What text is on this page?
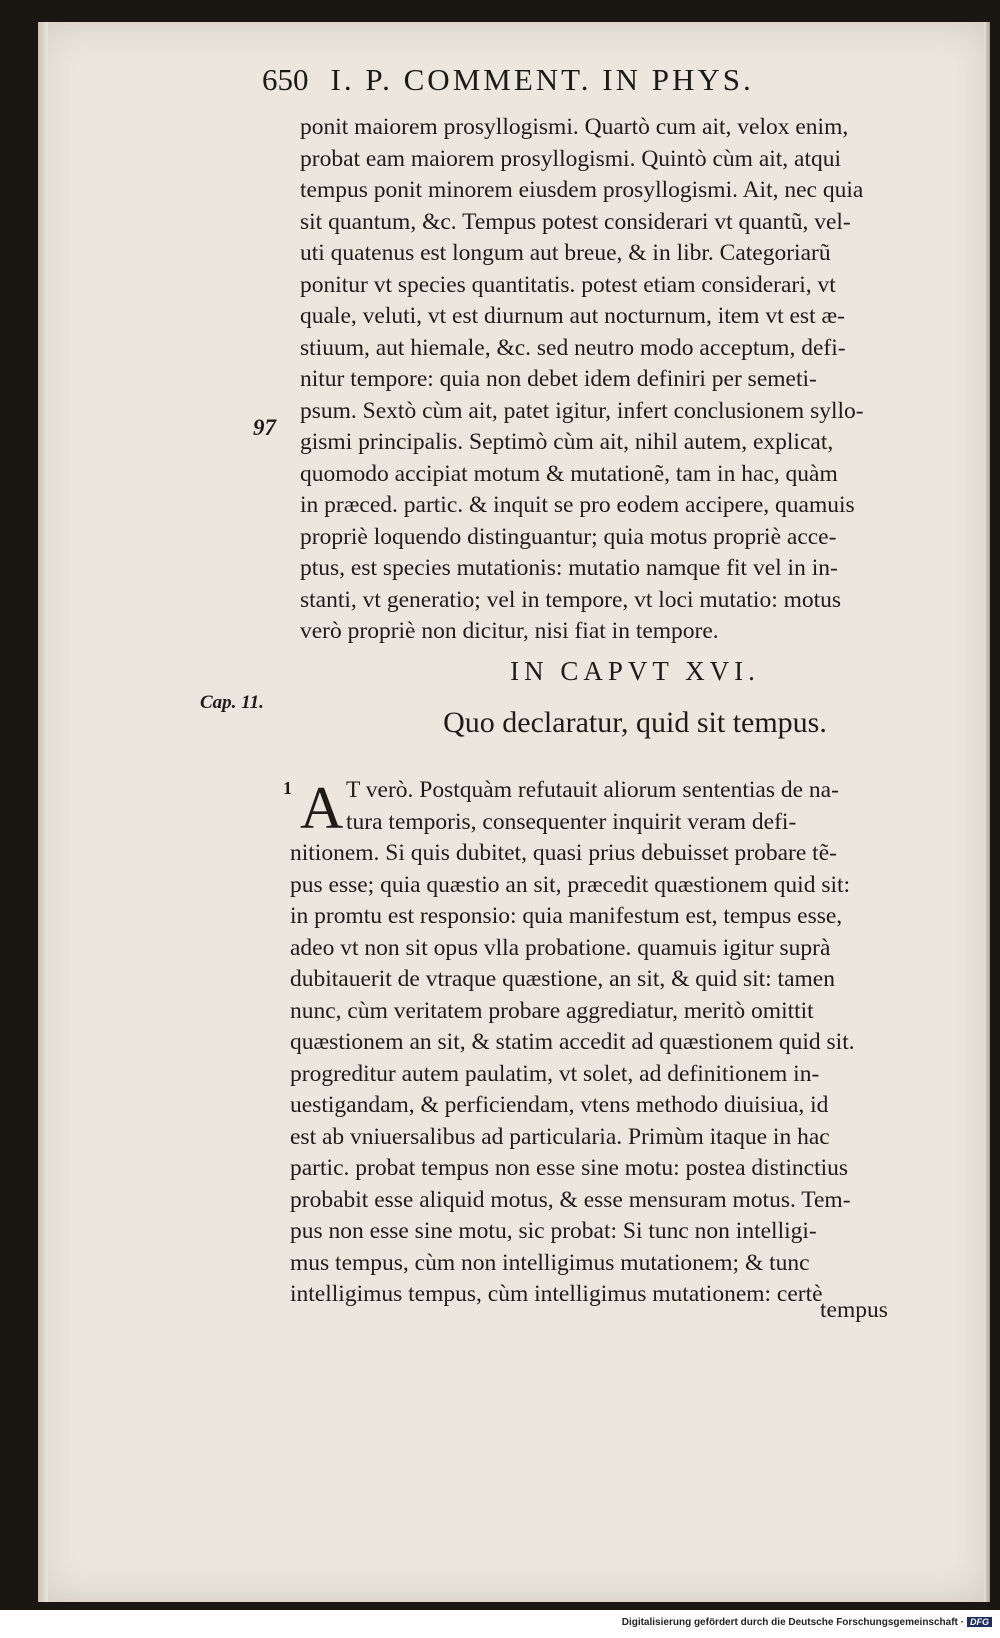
650 I. P. COMMENT. IN PHYS.
ponit maiorem prosyllogismi. Quartò cum ait, velox enim,
probat eam maiorem prosyllogismi. Quintò cùm ait, atqui
tempus ponit minorem eiusdem prosyllogismi. Ait, nec quia
sit quantum, &c. Tempus potest considerari vt quantũ, vel-
uti quatenus est longum aut breue, & in libr. Categoriarũ
ponitur vt species quantitatis. potest etiam considerari, vt
quale, veluti, vt est diurnum aut nocturnum, item vt est æ-
stiuum, aut hiemale, &c. sed neutro modo acceptum, defi-
nitur tempore: quia non debet idem definiri per semeti-
psum. Sextò cùm ait, patet igitur, infert conclusionem syllo-
gismi principalis. Septimò cùm ait, nihil autem, explicat,
quomodo accipiat motum & mutationẽ, tam in hac, quàm
in præced. partic. & inquit se pro eodem accipere, quamuis
propriè loquendo distinguantur; quia motus propriè acce-
ptus, est species mutationis: mutatio namque fit vel in in-
stanti, vt generatio; vel in tempore, vt loci mutatio: motus
verò propriè non dicitur, nisi fiat in tempore.
97
IN CAPVT XVI.
Cap. 11.
Quo declaratur, quid sit tempus.
1 A T verò. Postquàm refutauit aliorum sententias de na-
tura temporis, consequenter inquirit veram defi-
nitionem. Si quis dubitet, quasi prius debuisset probare tẽ-
pus esse; quia quæstio an sit, præcedit quæstionem quid sit:
in promtu est responsio: quia manifestum est, tempus esse,
adeo vt non sit opus vlla probatione. quamuis igitur suprà
dubitauerit de vtraque quæstione, an sit, & quid sit: tamen
nunc, cùm veritatem probare aggrediatur, meritò omittit
quæstionem an sit, & statim accedit ad quæstionem quid sit.
progreditur autem paulatim, vt solet, ad definitionem in-
uestigandam, & perficiendam, vtens methodo diuisiua, id
est ab vniuersalibus ad particularia. Primùm itaque in hac
partic. probat tempus non esse sine motu: postea distinctius
probabit esse aliquid motus, & esse mensuram motus. Tem-
pus non esse sine motu, sic probat: Si tunc non intelligi-
mus tempus, cùm non intelligimus mutationem; & tunc
intelligimus tempus, cùm intelligimus mutationem: certè
tempus
Digitalisierung gefördert durch die Deutsche Forschungsgemeinschaft · DFG
